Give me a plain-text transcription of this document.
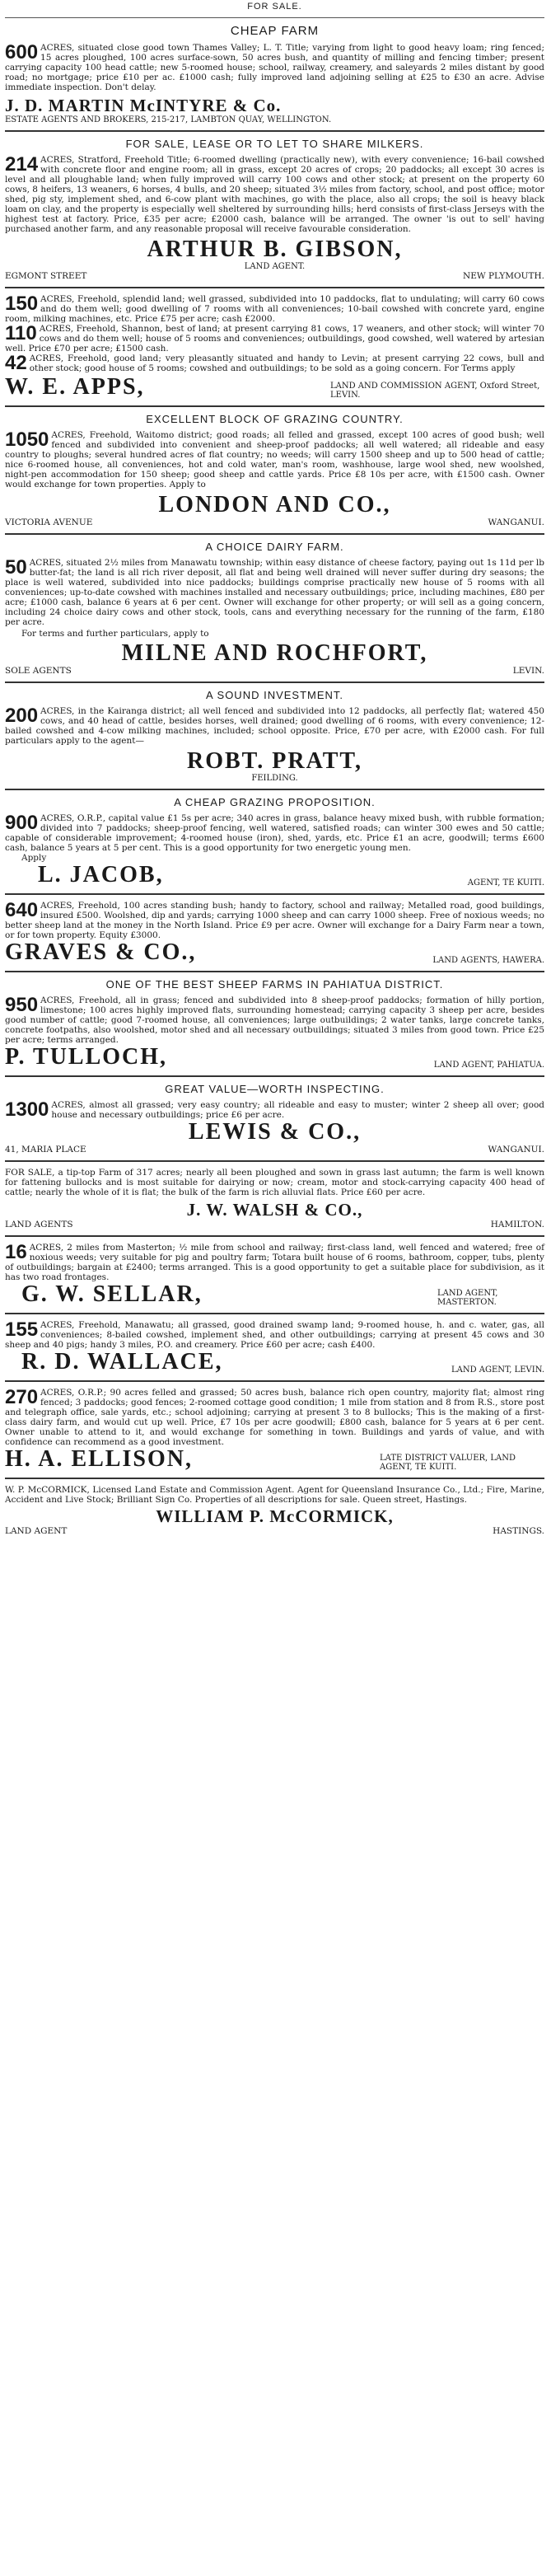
FOR SALE.
CHEAP FARM

600 ACRES, situated close good town Thames Valley; L. T. Title; varying from light to good heavy loam; ring fenced; 15 acres ploughed, 100 acres surface-sown, 50 acres bush, and quantity of milling and fencing timber; present carrying capacity 100 head cattle; new 5-roomed house; school, railway, creamery, and saleyards 2 miles distant by good road; no mortgage; price £10 per ac. £1000 cash; fully improved land adjoining selling at £25 to £30 an acre. Advise immediate inspection. Don't delay.

J. D. MARTIN McINTYRE & Co.
ESTATE AGENTS AND BROKERS, 215-217, LAMBTON QUAY, WELLINGTON.
FOR SALE, LEASE OR TO LET TO SHARE MILKERS.

214 ACRES, Stratford, Freehold Title; 6-roomed dwelling (practically new), with every convenience; 16-bail cowshed with concrete floor and engine room; all in grass, except 20 acres of crops; 20 paddocks; all except 30 acres is level and all ploughable land; when fully improved will carry 100 cows and other stock; at present on the property 60 cows, 8 heifers, 13 weaners, 6 horses, 4 bulls, and 20 sheep; situated 3½ miles from factory, school, and post office; motor shed, pig sty, implement shed, and 6-cow plant with machines, go with the place, also all crops; the soil is heavy black loam on clay, and the property is especially well sheltered by surrounding hills; herd consists of first-class Jerseys with the highest test at factory. Price, £35 per acre; £2000 cash, balance will be arranged. The owner 'is out to sell' having purchased another farm, and any reasonable proposal will receive favourable consideration.

ARTHUR B. GIBSON,
LAND AGENT.
EGMONT STREET	NEW PLYMOUTH.

150 ACRES, Freehold, splendid land; well grassed, subdivided into 10 paddocks, flat to undulating; will carry 60 cows and do them well; good dwelling of 7 rooms with all conveniences; 10-bail cowshed with concrete yard, engine room, milking machines, etc. Price £75 per acre; cash £2000.

110 ACRES, Freehold, Shannon, best of land; at present carrying 81 cows, 17 weaners, and other stock; will winter 70 cows and do them well; house of 5 rooms and conveniences; outbuildings, good cowshed, well watered by artesian well. Price £70 per acre; £1500 cash.

42 ACRES, Freehold, good land; very pleasantly situated and handy to Levin; at present carrying 22 cows, bull and other stock; good house of 5 rooms; cowshed and outbuildings; to be sold as a going concern. For Terms apply

W. E. APPS,	LAND AND COMMISSION AGENT, Oxford Street, LEVIN.
EXCELLENT BLOCK OF GRAZING COUNTRY.

1050 ACRES, Freehold, Waitomo district; good roads; all felled and grassed, except 100 acres of good bush; well fenced and subdivided into convenient and sheep-proof paddocks; all well watered; all rideable and easy country to ploughs; several hundred acres of flat country; no weeds; will carry 1500 sheep and up to 500 head of cattle; nice 6-roomed house, all conveniences, hot and cold water, man's room, washhouse, large wool shed, new woolshed, night-pen accommodation for 150 sheep; good sheep and cattle yards. Price £8 10s per acre, with £1500 cash. Owner would exchange for town properties. Apply to

LONDON AND CO.,
VICTORIA AVENUE	WANGANUI.
A CHOICE DAIRY FARM.

50 ACRES, situated 2½ miles from Manawatu township; within easy distance of cheese factory, paying out 1s 11d per lb butter-fat; the land is all rich river deposit, all flat and being well drained will never suffer during dry seasons; the place is well watered, subdivided into nice paddocks; buildings comprise practically new house of 5 rooms with all conveniences; up-to-date cowshed with machines installed and necessary outbuildings; price, including machines, £80 per acre; £1000 cash, balance 6 years at 6 per cent. Owner will exchange for other property; or will sell as a going concern, including 24 choice dairy cows and other stock, tools, cans and everything necessary for the running of the farm, £180 per acre.

For terms and further particulars, apply to

MILNE AND ROCHFORT,
SOLE AGENTS	LEVIN.
A SOUND INVESTMENT.

200 ACRES, in the Kairanga district; all well fenced and subdivided into 12 paddocks, all perfectly flat; watered 450 cows, and 40 head of cattle, besides horses, well drained; good dwelling of 6 rooms, with every convenience; 12-bailed cowshed and 4-cow milking machines, included; school opposite. Price, £70 per acre, with £2000 cash. For full particulars apply to the agent—

ROBT. PRATT,
FEILDING.
A CHEAP GRAZING PROPOSITION.

900 ACRES, O.R.P., capital value £1 5s per acre; 340 acres in grass, balance heavy mixed bush, with rubble formation; divided into 7 paddocks; sheep-proof fencing, well watered, satisfied roads; can winter 300 ewes and 50 cattle; capable of considerable improvement; 4-roomed house (iron), shed, yards, etc. Price £1 an acre, goodwill; terms £600 cash, balance 5 years at 5 per cent. This is a good opportunity for two energetic young men.

Apply

L. JACOB,	AGENT, TE KUITI.

640 ACRES, Freehold, 100 acres standing bush; handy to factory, school and railway; Metalled road, good buildings, insured £500. Woolshed, dip and yards; carrying 1000 sheep and can carry 1000 sheep. Free of noxious weeds; no better sheep land at the money in the North Island. Price £9 per acre. Owner will exchange for a Dairy Farm near a town, or for town property. Equity £3000.

GRAVES & CO.,	LAND AGENTS, HAWERA.
ONE OF THE BEST SHEEP FARMS IN PAHIATUA DISTRICT.

950 ACRES, Freehold, all in grass; fenced and subdivided into 8 sheep-proof paddocks; formation of hilly portion, limestone; 100 acres highly improved flats, surrounding homestead; carrying capacity 3 sheep per acre, besides good number of cattle; good 7-roomed house, all conveniences; large outbuildings; 2 water tanks, large concrete tanks, concrete footpaths, also woolshed, motor shed and all necessary outbuildings; situated 3 miles from good town. Price £25 per acre; terms arranged.

P. TULLOCH,	LAND AGENT, PAHIATUA.
GREAT VALUE—WORTH INSPECTING.

1300 ACRES, almost all grassed; very easy country; all rideable and easy to muster; winter 2 sheep all over; good house and necessary outbuildings; price £6 per acre.

LEWIS & CO.,
41, MARIA PLACE	WANGANUI.

FOR SALE, a tip-top Farm of 317 acres; nearly all been ploughed and sown in grass last autumn; the farm is well known for fattening bullocks and is most suitable for dairying or now; cream, motor and stock-carrying capacity 400 head of cattle; nearly the whole of it is flat; the bulk of the farm is rich alluvial flats. Price £60 per acre.

J. W. WALSH & CO.,
LAND AGENTS	HAMILTON.

16 ACRES, 2 miles from Masterton; ½ mile from school and railway; first-class land, well fenced and watered; free of noxious weeds; very suitable for pig and poultry farm; Totara built house of 6 rooms, bathroom, copper, tubs, plenty of outbuildings; bargain at £2400; terms arranged. This is a good opportunity to get a suitable place for subdivision, as it has two road frontages.

G. W. SELLAR,	LAND AGENT, MASTERTON.

155 ACRES, Freehold, Manawatu; all grassed, good drained swamp land; 9-roomed house, h. and c. water, gas, all conveniences; 8-bailed cowshed, implement shed, and other outbuildings; carrying at present 45 cows and 30 sheep and 40 pigs; handy 3 miles, P.O. and creamery. Price £60 per acre; cash £400.

R. D. WALLACE,	LAND AGENT, LEVIN.

270 ACRES, O.R.P.; 90 acres felled and grassed; 50 acres bush, balance rich open country, majority flat; almost ring fenced; 3 paddocks; good fences; 2-roomed cottage good condition; 1 mile from station and 8 from R.S., store post and telegraph office, sale yards, etc.; school adjoining; carrying at present 3 to 8 bullocks; This is the making of a first-class dairy farm, and would cut up well. Price, £7 10s per acre goodwill; £800 cash, balance for 5 years at 6 per cent. Owner unable to attend to it, and would exchange for something in town. Buildings and yards of value, and with confidence can recommend as a good investment.

H. A. ELLISON,	LATE DISTRICT VALUER, LAND AGENT, TE KUITI.

W. P. McCORMICK, Licensed Land Estate and Commission Agent. Agent for Queensland Insurance Co., Ltd.; Fire, Marine, Accident and Live Stock; Brilliant Sign Co. Properties of all descriptions for sale. Queen street, Hastings.

WILLIAM P. McCORMICK,
LAND AGENT	HASTINGS.
